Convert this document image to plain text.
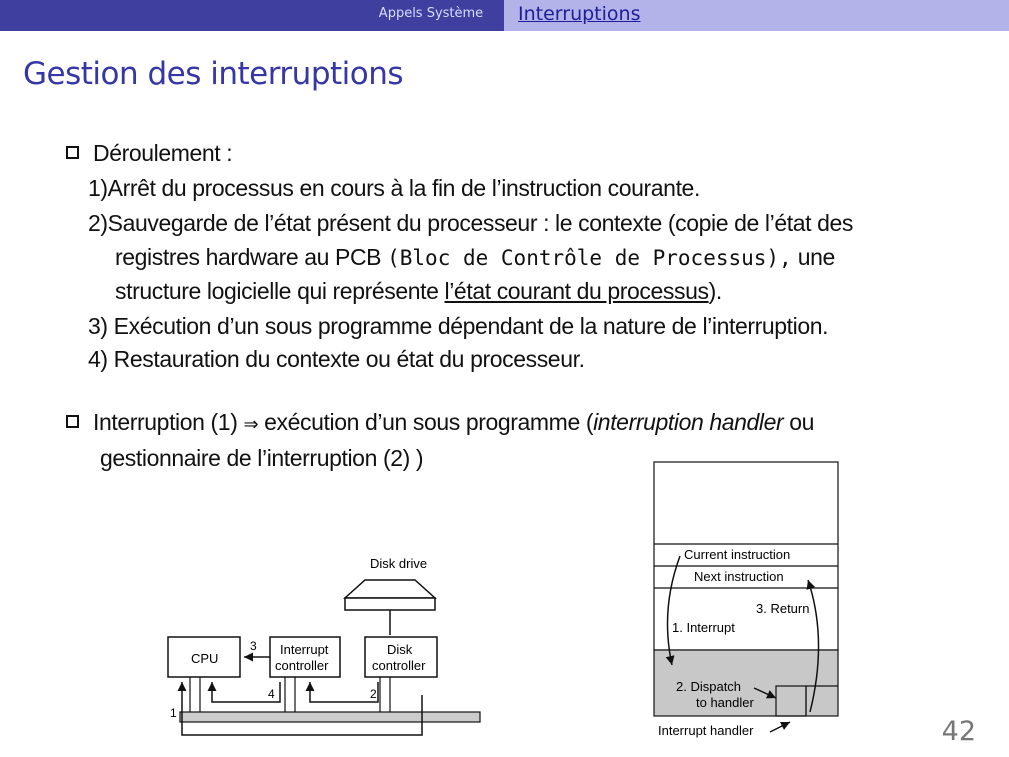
Appels Système	Interruptions
Gestion des interruptions
Déroulement :
1)Arrêt du processus en cours à la fin de l’instruction courante.
2)Sauvegarde de l’état présent du processeur : le contexte (copie de l’état des
registres hardware au PCB (Bloc de Contrôle de Processus), une
structure logicielle qui représente l’état courant du processus).
3) Exécution d’un sous programme dépendant de la nature de l’interruption.
4) Restauration du contexte ou état du processeur.
Interruption (1) ⇒ exécution d’un sous programme (interruption handler ou
gestionnaire de l’interruption (2) )
Disk drive
CPU
Interrupt
controller
Disk
controller
3
4	2
1
Current instruction
Next instruction
3. Return
1. Interrupt
2. Dispatch
to handler
Interrupt handler	42
